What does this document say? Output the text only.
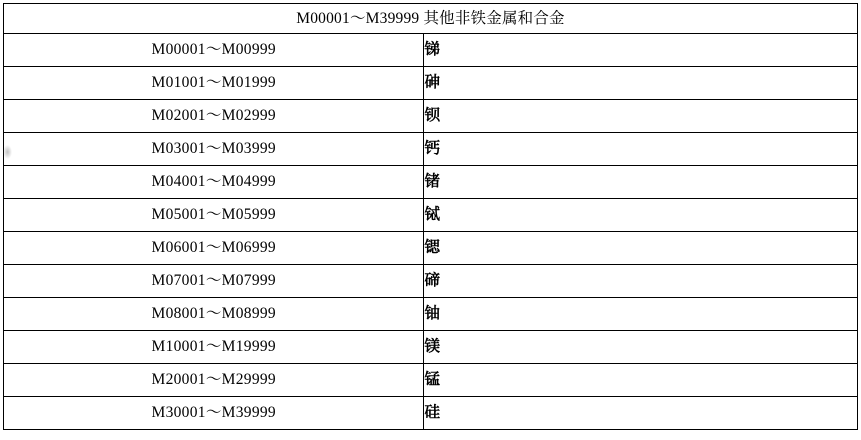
M00001～M39999 其他非铁金属和合金	
M00001～M00999	锑
M01001～M01999	砷
M02001～M02999	钡
M03001～M03999	钙
M04001～M04999	锗
M05001～M05999	铽
M06001～M06999	锶
M07001～M07999	碲
M08001～M08999	铀
M10001～M19999	镁
M20001～M29999	锰
M30001～M39999	硅
